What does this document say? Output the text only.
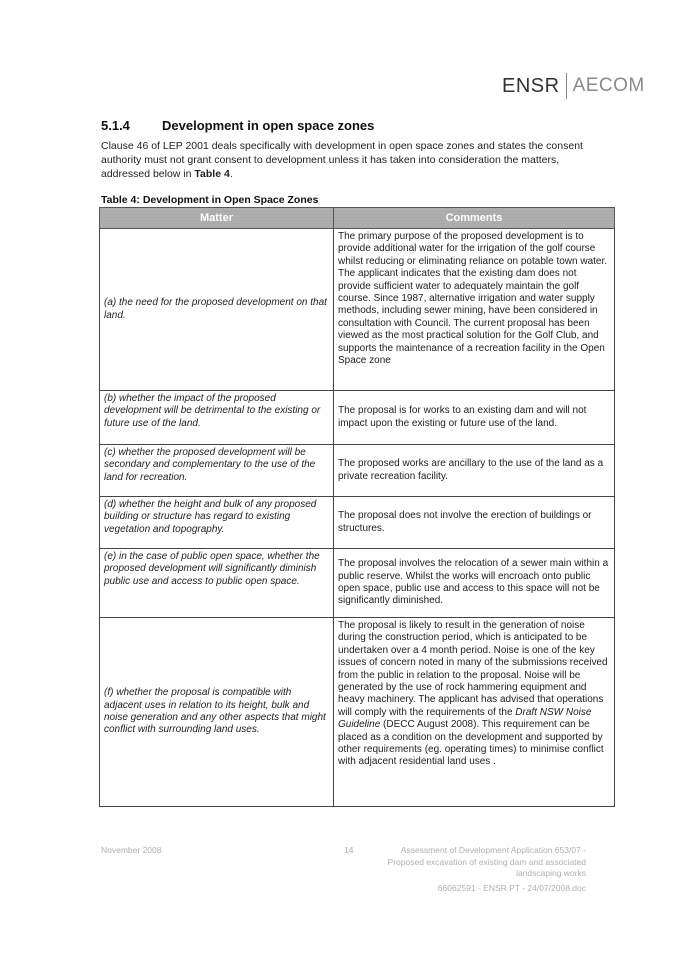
ENSR AECOM
5.1.4 Development in open space zones

Clause 46 of LEP 2001 deals specifically with development in open space zones and states the consent authority must not grant consent to development unless it has taken into consideration the matters, addressed below in Table 4.

Table 4: Development in Open Space Zones
Matter	Comments

(a) the need for the proposed development on that land.	The primary purpose of the proposed development is to provide additional water for the irrigation of the golf course whilst reducing or eliminating reliance on potable town water. The applicant indicates that the existing dam does not provide sufficient water to adequately maintain the golf course. Since 1987, alternative irrigation and water supply methods, including sewer mining, have been considered in consultation with Council. The current proposal has been viewed as the most practical solution for the Golf Club, and supports the maintenance of a recreation facility in the Open Space zone
(b) whether the impact of the proposed development will be detrimental to the existing or future use of the land.	The proposal is for works to an existing dam and will not impact upon the existing or future use of the land.
(c) whether the proposed development will be secondary and complementary to the use of the land for recreation.	The proposed works are ancillary to the use of the land as a private recreation facility.
(d) whether the height and bulk of any proposed building or structure has regard to existing vegetation and topography.	The proposal does not involve the erection of buildings or structures.
(e) in the case of public open space, whether the proposed development will significantly diminish public use and access to public open space.	The proposal involves the relocation of a sewer main within a public reserve. Whilst the works will encroach onto public open space, public use and access to this space will not be significantly diminished.
(f) whether the proposal is compatible with adjacent uses in relation to its height, bulk and noise generation and any other aspects that might conflict with surrounding land uses.	The proposal is likely to result in the generation of noise during the construction period, which is anticipated to be undertaken over a 4 month period. Noise is one of the key issues of concern noted in many of the submissions received from the public in relation to the proposal. Noise will be generated by the use of rock hammering equipment and heavy machinery. The applicant has advised that operations will comply with the requirements of the Draft NSW Noise Guideline (DECC August 2008). This requirement can be placed as a condition on the development and supported by other requirements (eg. operating times) to minimise conflict with adjacent residential land uses .
November 2008	14	Assessment of Development Application 653/07 -
Proposed excavation of existing dam and associated
landscaping works
66062591 - ENSR PT - 24/07/2008.doc
